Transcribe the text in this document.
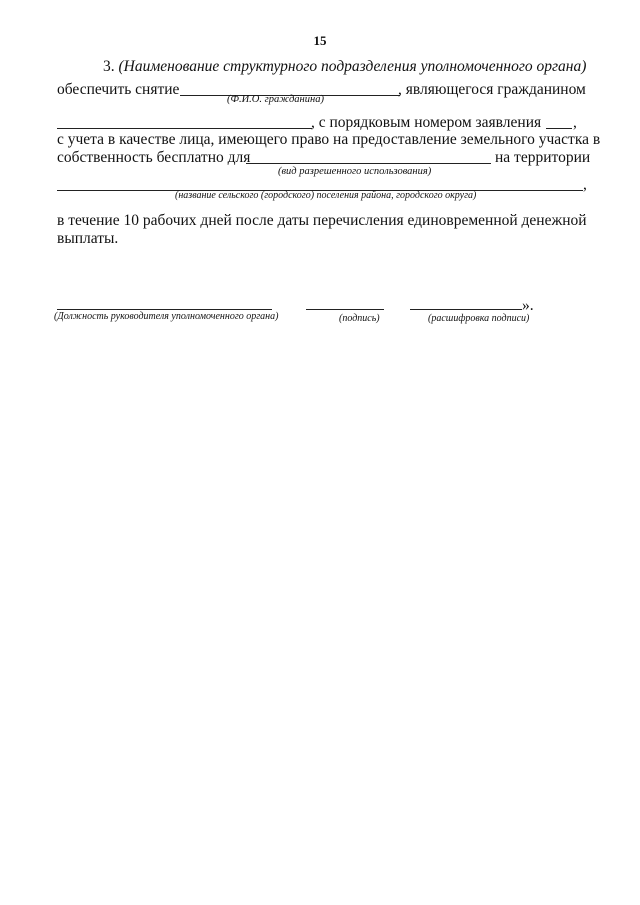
15
3. (Наименование структурного подразделения уполномоченного органа)
обеспечить снятие	, являющегося гражданином
(Ф.И.О. гражданина)
, с порядковым номером заявления ,
с учета в качестве лица, имеющего право на предоставление земельного участка в
собственность бесплатно для	на территории
(вид разрешенного использования)
,
(название сельского (городского) поселения района, городского округа)
в течение 10 рабочих дней после даты перечисления единовременной денежной выплаты.
(Должность руководителя уполномоченного органа)	(подпись)
».
(расшифровка подписи)
